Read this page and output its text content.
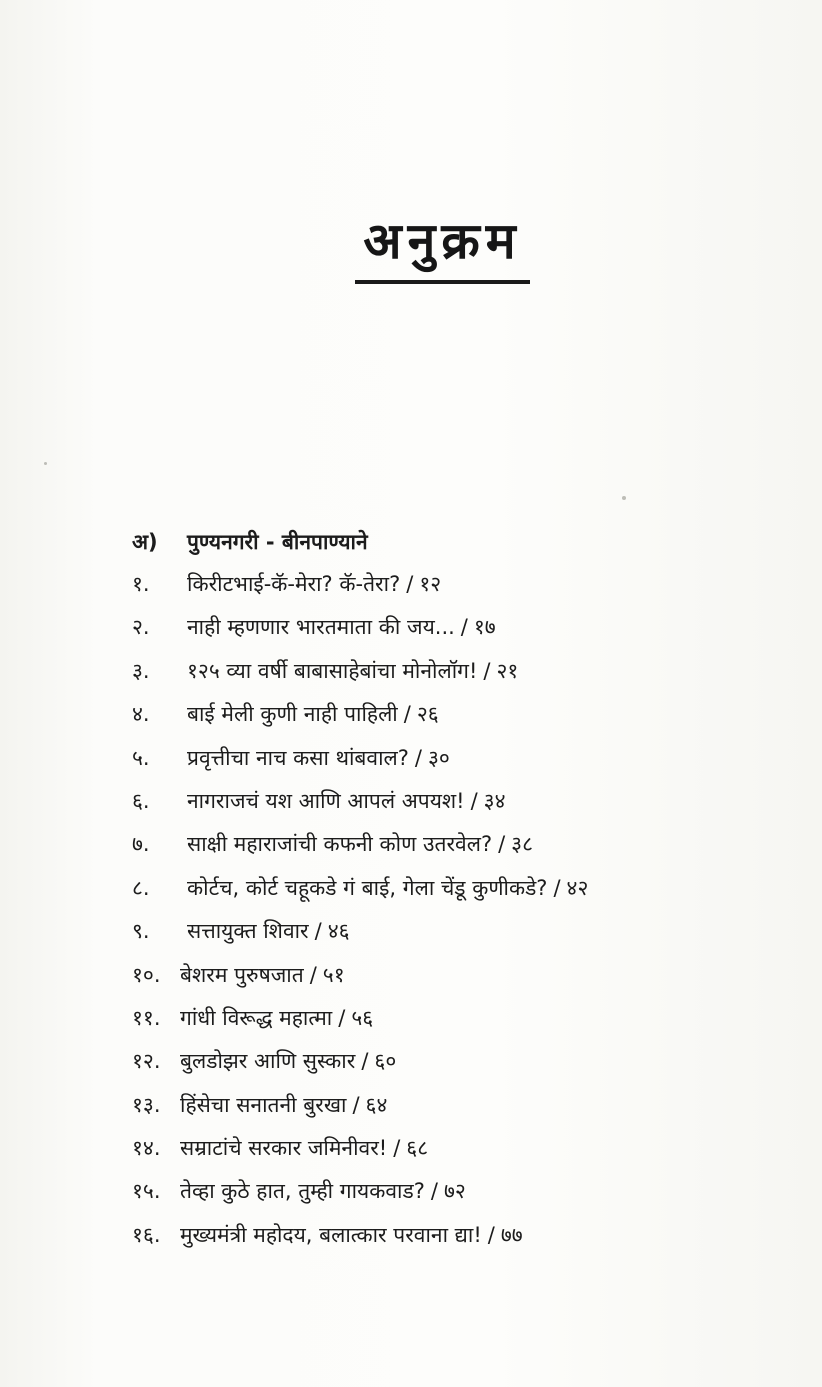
अनुक्रम
अ)	पुण्यनगरी - बीनपाण्याने
१.	किरीटभाई-कॅ-मेरा? कॅ-तेरा? / १२
२.	नाही म्हणणार भारतमाता की जय... / १७
३.	१२५ व्या वर्षी बाबासाहेबांचा मोनोलॉग! / २१
४.	बाई मेली कुणी नाही पाहिली / २६
५.	प्रवृत्तीचा नाच कसा थांबवाल? / ३०
६.	नागराजचं यश आणि आपलं अपयश! / ३४
७.	साक्षी महाराजांची कफनी कोण उतरवेल? / ३८
८.	कोर्टच, कोर्ट चहूकडे गं बाई, गेला चेंडू कुणीकडे? / ४२
९.	सत्तायुक्त शिवार / ४६
१०. बेशरम पुरुषजात / ५१
११. गांधी विरूद्ध महात्मा / ५६
१२. बुलडोझर आणि सुस्कार / ६०
१३. हिंसेचा सनातनी बुरखा / ६४
१४. सम्राटांचे सरकार जमिनीवर! / ६८
१५. तेव्हा कुठे हात, तुम्ही गायकवाड? / ७२
१६. मुख्यमंत्री महोदय, बलात्कार परवाना द्या! / ७७
